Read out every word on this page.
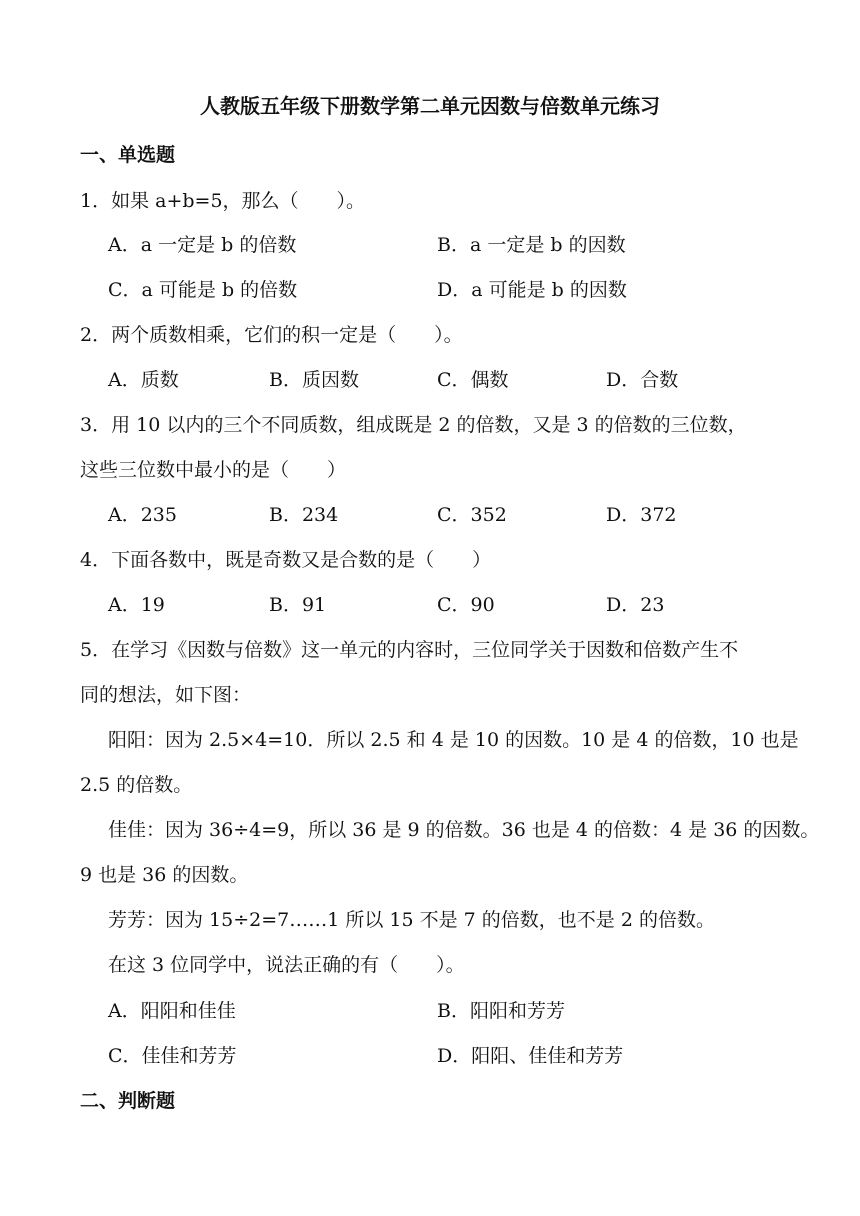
人教版五年级下册数学第二单元因数与倍数单元练习
一、单选题
1．如果 a+b=5，那么（　　）。
A．a 一定是 b 的倍数	B．a 一定是 b 的因数
C．a 可能是 b 的倍数	D．a 可能是 b 的因数
2．两个质数相乘，它们的积一定是（　　）。
A．质数	B．质因数	C．偶数	D．合数
3．用 10 以内的三个不同质数，组成既是 2 的倍数，又是 3 的倍数的三位数，
这些三位数中最小的是（　　）
A．235	B．234	C．352	D．372
4．下面各数中，既是奇数又是合数的是（　　）
A．19	B．91	C．90	D．23
5．在学习《因数与倍数》这一单元的内容时，三位同学关于因数和倍数产生不
同的想法，如下图：
阳阳：因为 2.5×4=10．所以 2.5 和 4 是 10 的因数。10 是 4 的倍数，10 也是
2.5 的倍数。
佳佳：因为 36÷4=9，所以 36 是 9 的倍数。36 也是 4 的倍数：4 是 36 的因数。
9 也是 36 的因数。
芳芳：因为 15÷2=7……1 所以 15 不是 7 的倍数，也不是 2 的倍数。
在这 3 位同学中，说法正确的有（　　）。
A．阳阳和佳佳	B．阳阳和芳芳
C．佳佳和芳芳	D．阳阳、佳佳和芳芳
二、判断题
